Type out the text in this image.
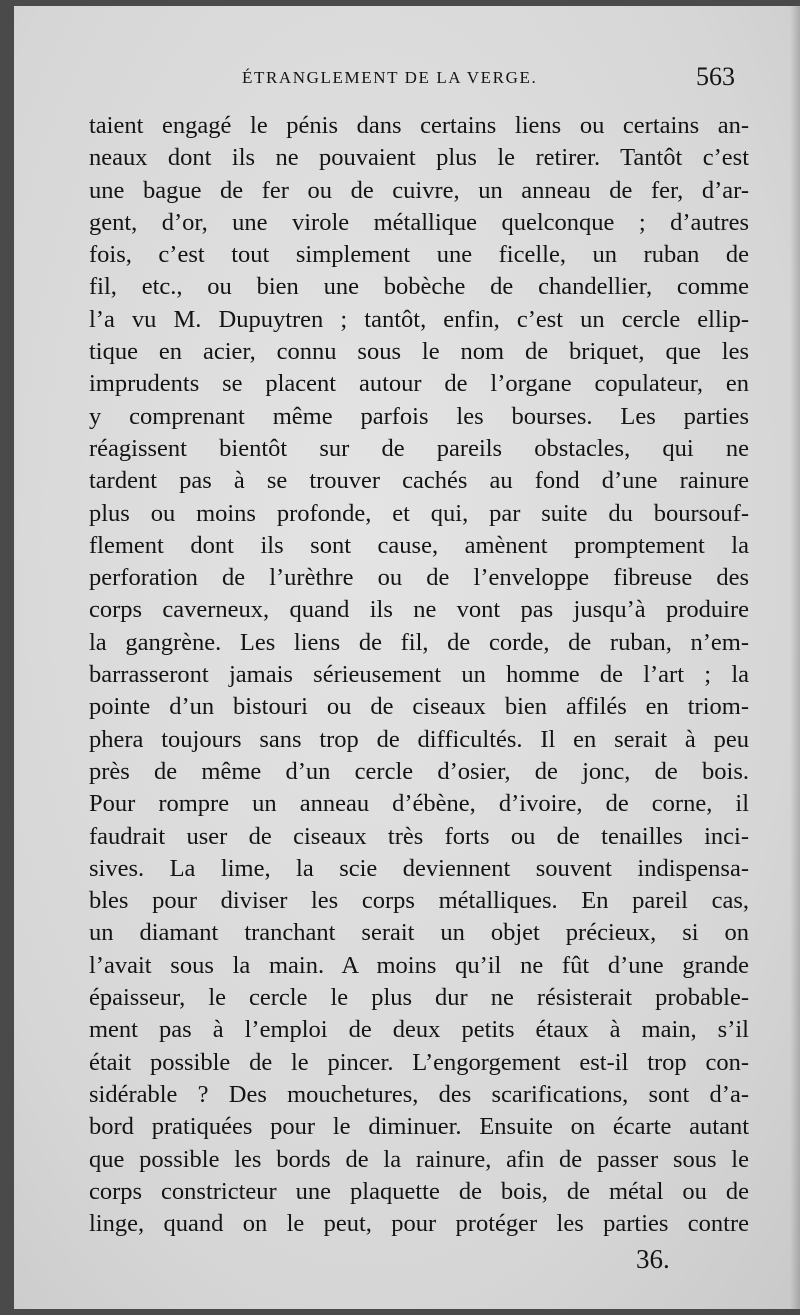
ÉTRANGLEMENT DE LA VERGE.	563
taient engagé le pénis dans certains liens ou certains an-
neaux dont ils ne pouvaient plus le retirer. Tantôt c’est
une bague de fer ou de cuivre, un anneau de fer, d’ar-
gent, d’or, une virole métallique quelconque ; d’autres
fois, c’est tout simplement une ficelle, un ruban de
fil, etc., ou bien une bobèche de chandellier, comme
l’a vu M. Dupuytren ; tantôt, enfin, c’est un cercle ellip-
tique en acier, connu sous le nom de briquet, que les
imprudents se placent autour de l’organe copulateur, en
y comprenant même parfois les bourses. Les parties
réagissent bientôt sur de pareils obstacles, qui ne
tardent pas à se trouver cachés au fond d’une rainure
plus ou moins profonde, et qui, par suite du boursouf-
flement dont ils sont cause, amènent promptement la
perforation de l’urèthre ou de l’enveloppe fibreuse des
corps caverneux, quand ils ne vont pas jusqu’à produire
la gangrène. Les liens de fil, de corde, de ruban, n’em-
barrasseront jamais sérieusement un homme de l’art ; la
pointe d’un bistouri ou de ciseaux bien affilés en triom-
phera toujours sans trop de difficultés. Il en serait à peu
près de même d’un cercle d’osier, de jonc, de bois.
Pour rompre un anneau d’ébène, d’ivoire, de corne, il
faudrait user de ciseaux très forts ou de tenailles inci-
sives. La lime, la scie deviennent souvent indispensa-
bles pour diviser les corps métalliques. En pareil cas,
un diamant tranchant serait un objet précieux, si on
l’avait sous la main. A moins qu’il ne fût d’une grande
épaisseur, le cercle le plus dur ne résisterait probable-
ment pas à l’emploi de deux petits étaux à main, s’il
était possible de le pincer. L’engorgement est-il trop con-
sidérable ? Des mouchetures, des scarifications, sont d’a-
bord pratiquées pour le diminuer. Ensuite on écarte autant
que possible les bords de la rainure, afin de passer sous le
corps constricteur une plaquette de bois, de métal ou de
linge, quand on le peut, pour protéger les parties contre
36.
